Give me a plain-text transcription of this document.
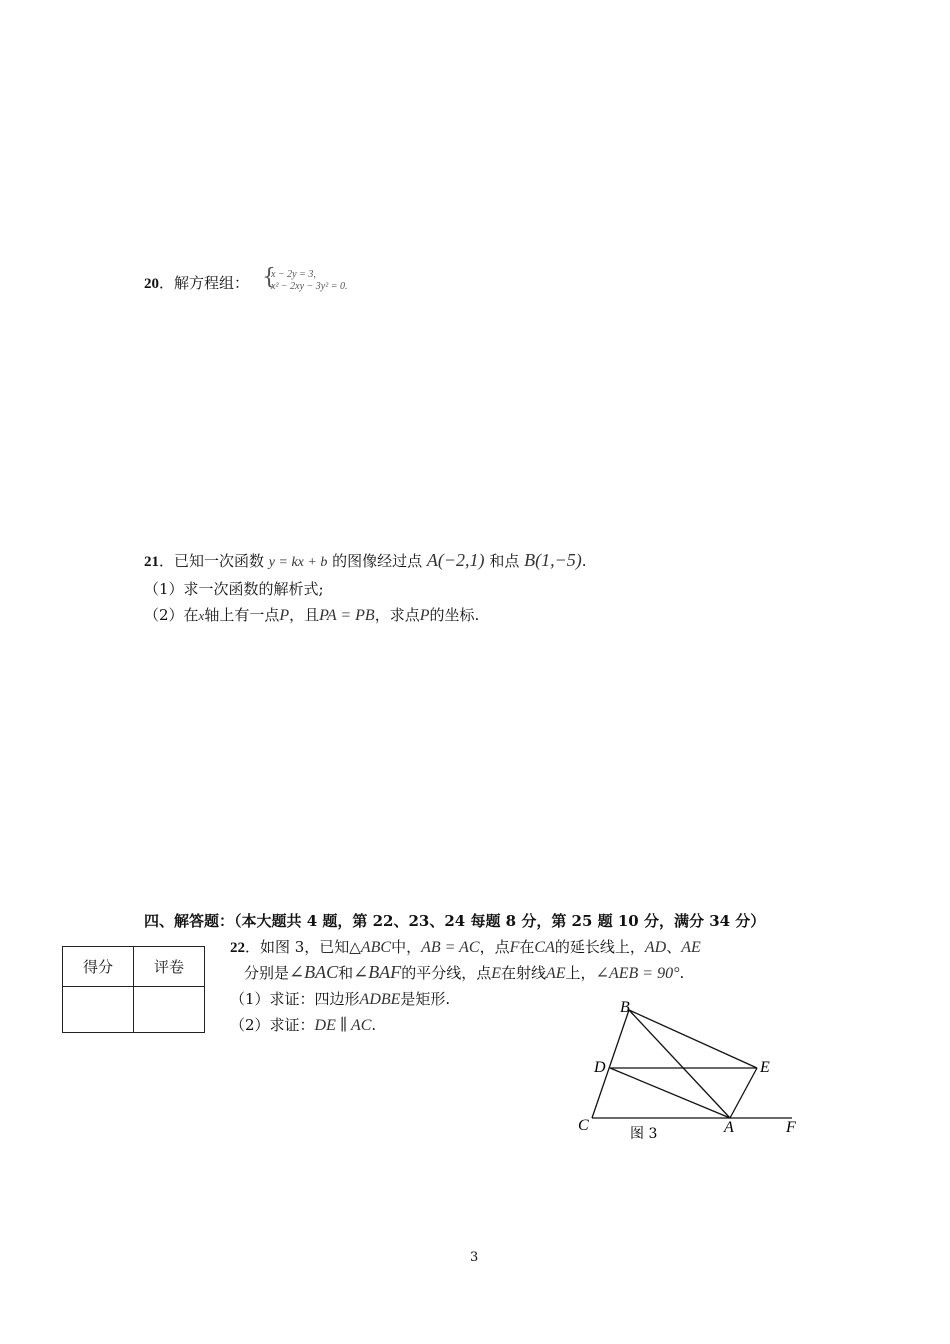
20．解方程组： {
x − 2y = 3,
x² − 2xy − 3y² = 0.
21．已知一次函数 y = kx + b 的图像经过点 A(−2,1) 和点 B(1,−5).
（1）求一次函数的解析式;
（2）在x轴上有一点P，且PA = PB，求点P的坐标.
四、解答题：（本大题共 4 题，第 22、23、24 每题 8 分，第 25 题 10 分，满分 34 分）
得分	评卷

22．如图 3，已知△ABC中，AB = AC，点F在CA的延长线上，AD、AE
分别是∠BAC和∠BAF的平分线，点E在射线AE上，∠AEB = 90°.
（1）求证：四边形ADBE是矩形.
（2）求证：DE ∥ AC.
B
D	E
C	A	F
图 3
3
